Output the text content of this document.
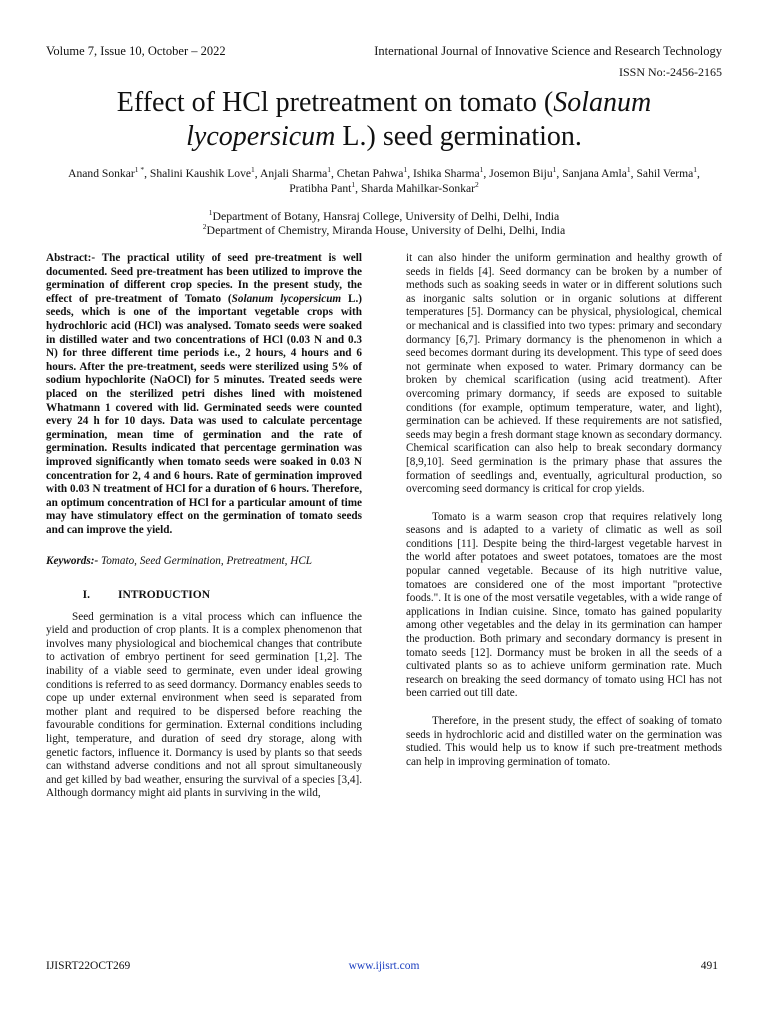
Volume 7, Issue 10, October – 2022	International Journal of Innovative Science and Research Technology
ISSN No:-2456-2165
Effect of HCl pretreatment on tomato (Solanum lycopersicum L.) seed germination.
Anand Sonkar$^{1 *}$, Shalini Kaushik Love$^1$, Anjali Sharma$^1$, Chetan Pahwa$^1$, Ishika Sharma$^1$, Josemon Biju$^1$, Sanjana Amla$^1$, Sahil Verma$^1$, Pratibha Pant$^1$, Sharda Mahilkar-Sonkar$^2$
$^1$Department of Botany, Hansraj College, University of Delhi, Delhi, India
$^2$Department of Chemistry, Miranda House, University of Delhi, Delhi, India

Abstract:- The practical utility of seed pre-treatment is well documented. Seed pre-treatment has been utilized to improve the germination of different crop species. In the present study, the effect of pre-treatment of Tomato (Solanum lycopersicum L.) seeds, which is one of the important vegetable crops with hydrochloric acid (HCl) was analysed. Tomato seeds were soaked in distilled water and two concentrations of HCl (0.03 N and 0.3 N) for three different time periods i.e., 2 hours, 4 hours and 6 hours. After the pre-treatment, seeds were sterilized using 5% of sodium hypochlorite (NaOCl) for 5 minutes. Treated seeds were placed on the sterilized petri dishes lined with moistened Whatmann 1 covered with lid. Germinated seeds were counted every 24 h for 10 days. Data was used to calculate percentage germination, mean time of germination and the rate of germination. Results indicated that percentage germination was improved significantly when tomato seeds were soaked in 0.03 N concentration for 2, 4 and 6 hours. Rate of germination improved with 0.03 N treatment of HCl for a duration of 6 hours. Therefore, an optimum concentration of HCl for a particular amount of time may have stimulatory effect on the germination of tomato seeds and can improve the yield.

Keywords:- Tomato, Seed Germination, Pretreatment, HCL

I. INTRODUCTION

Seed germination is a vital process which can influence the yield and production of crop plants. It is a complex phenomenon that involves many physiological and biochemical changes that contribute to activation of embryo pertinent for seed germination [1,2]. The inability of a viable seed to germinate, even under ideal growing conditions is referred to as seed dormancy. Dormancy enables seeds to cope up under external environment when seed is separated from mother plant and required to be dispersed before reaching the favourable conditions for germination. External conditions including light, temperature, and duration of seed dry storage, along with genetic factors, influence it. Dormancy is used by plants so that seeds can withstand adverse conditions and not all sprout simultaneously and get killed by bad weather, ensuring the survival of a species [3,4]. Although dormancy might aid plants in surviving in the wild,

it can also hinder the uniform germination and healthy growth of seeds in fields [4]. Seed dormancy can be broken by a number of methods such as soaking seeds in water or in different solutions such as inorganic salts solution or in organic solutions at different temperatures [5]. Dormancy can be physical, physiological, chemical or mechanical and is classified into two types: primary and secondary dormancy [6,7]. Primary dormancy is the phenomenon in which a seed becomes dormant during its development. This type of seed does not germinate when exposed to water. Primary dormancy can be broken by chemical scarification (using acid treatment). After overcoming primary dormancy, if seeds are exposed to suitable conditions (for example, optimum temperature, water, and light), germination can be achieved. If these requirements are not satisfied, seeds may begin a fresh dormant stage known as secondary dormancy. Chemical scarification can also help to break secondary dormancy [8,9,10]. Seed germination is the primary phase that assures the formation of seedlings and, eventually, agricultural production, so overcoming seed dormancy is critical for crop yields.

Tomato is a warm season crop that requires relatively long seasons and is adapted to a variety of climatic as well as soil conditions [11]. Despite being the third-largest vegetable harvest in the world after potatoes and sweet potatoes, tomatoes are the most popular canned vegetable. Because of its high nutritive value, tomatoes are considered one of the most important "protective foods.". It is one of the most versatile vegetables, with a wide range of applications in Indian cuisine. Since, tomato has gained popularity among other vegetables and the delay in its germination can hamper the production. Both primary and secondary dormancy is present in tomato seeds [12]. Dormancy must be broken in all the seeds of a cultivated plants so as to achieve uniform germination rate. Much research on breaking the seed dormancy of tomato using HCl has not been carried out till date.

Therefore, in the present study, the effect of soaking of tomato seeds in hydrochloric acid and distilled water on the germination was studied. This would help us to know if such pre-treatment methods can help in improving germination of tomato.

IJISRT22OCT269	www.ijisrt.com	491
